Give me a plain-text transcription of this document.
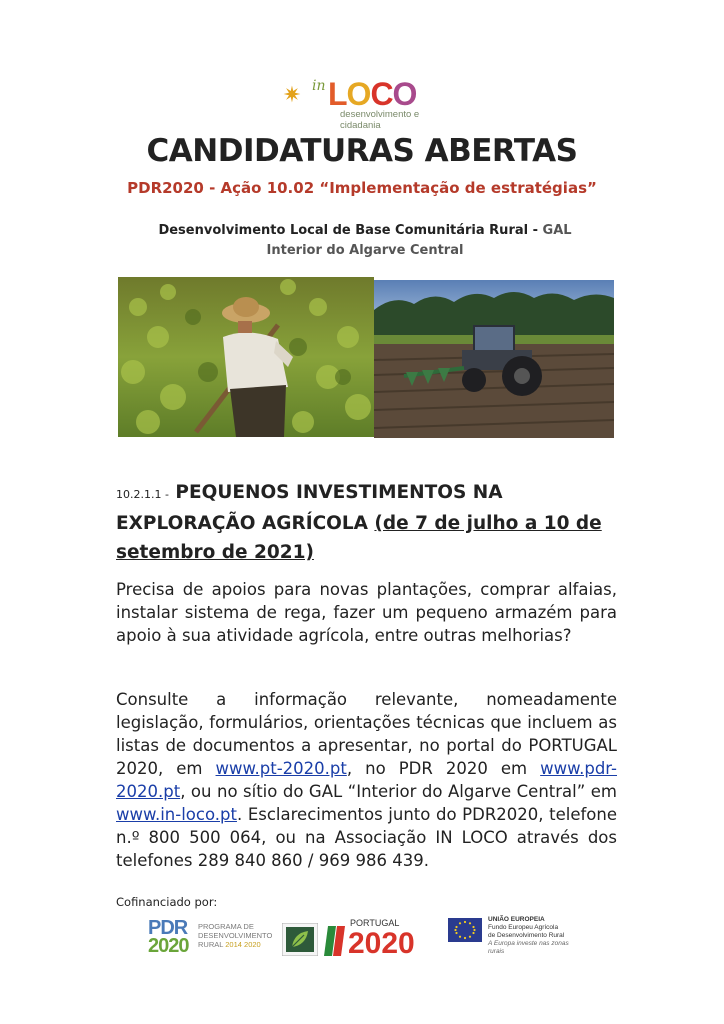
✷ in LOCO
desenvolvimento e cidadania
CANDIDATURAS ABERTAS
PDR2020 - Ação 10.02 “Implementação de estratégias”
Desenvolvimento Local de Base Comunitária Rural - GAL Interior do Algarve Central
10.2.1.1 - PEQUENOS INVESTIMENTOS NA EXPLORAÇÃO AGRÍCOLA (de 7 de julho a 10 de setembro de 2021)
Precisa de apoios para novas plantações, comprar alfaias, instalar sistema de rega, fazer um pequeno armazém para apoio à sua atividade agrícola, entre outras melhorias?
Consulte a informação relevante, nomeadamente legislação, formulários, orientações técnicas que incluem as listas de documentos a apresentar, no portal do PORTUGAL 2020, em www.pt-2020.pt, no PDR 2020 em www.pdr-2020.pt, ou no sítio do GAL “Interior do Algarve Central” em www.in-loco.pt. Esclarecimentos junto do PDR2020, telefone n.º 800 500 064, ou na Associação IN LOCO através dos telefones 289 840 860 / 969 986 439.
Cofinanciado por:
PDR
2020
PROGRAMA DE
DESENVOLVIMENTO
RURAL 2014 2020
PORTUGAL
2020
UNIÃO EUROPEIA
Fundo Europeu Agrícola
de Desenvolvimento Rural
A Europa investe nas zonas rurais
